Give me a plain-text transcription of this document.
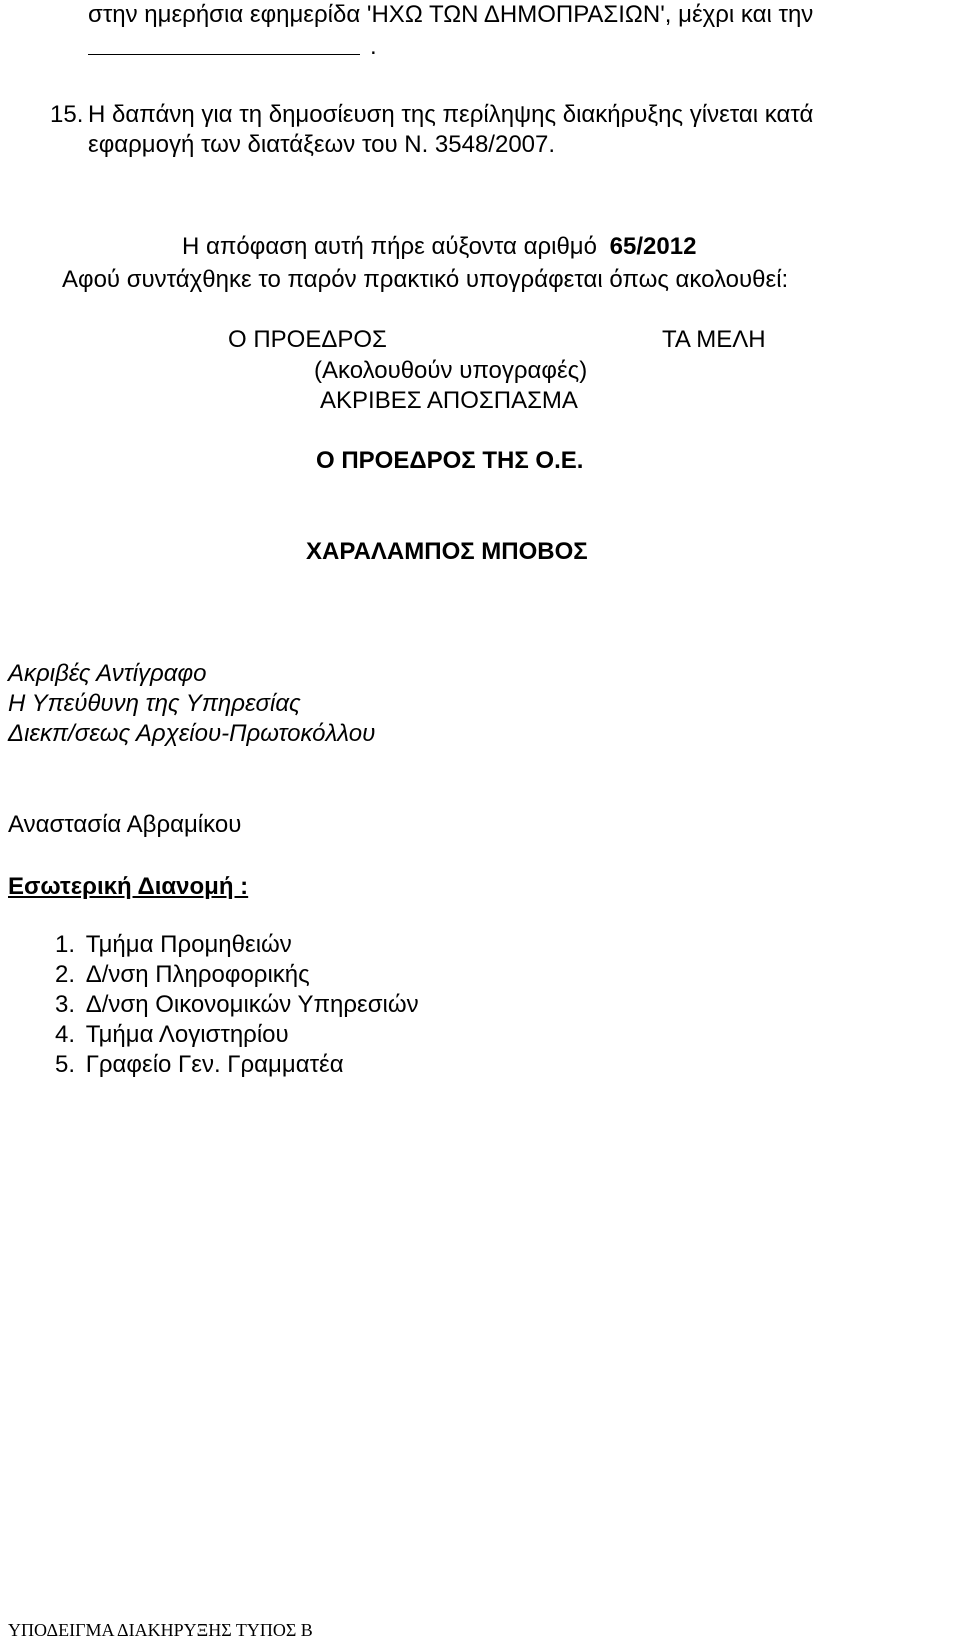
στην ημερήσια εφημερίδα 'ΗΧΩ ΤΩΝ ΔΗΜΟΠΡΑΣΙΩΝ', μέχρι και την
.
15. Η δαπάνη για τη δημοσίευση της περίληψης διακήρυξης γίνεται κατά
εφαρμογή των διατάξεων του Ν. 3548/2007.
Η απόφαση αυτή πήρε αύξοντα αριθμό 65/2012
Αφού συντάχθηκε το παρόν πρακτικό υπογράφεται όπως ακολουθεί:
Ο ΠΡΟΕΔΡΟΣ	ΤΑ ΜΕΛΗ
(Ακολουθούν υπογραφές)
ΑΚΡΙΒΕΣ ΑΠΟΣΠΑΣΜΑ
Ο ΠΡΟΕΔΡΟΣ ΤΗΣ Ο.Ε.
ΧΑΡΑΛΑΜΠΟΣ ΜΠΟΒΟΣ
Ακριβές Αντίγραφο
Η Υπεύθυνη της Υπηρεσίας
Διεκπ/σεως Αρχείου-Πρωτοκόλλου
Αναστασία Αβραμίκου
Εσωτερική Διανομή :
1. Τμήμα Προμηθειών
2. Δ/νση Πληροφορικής
3. Δ/νση Οικονομικών Υπηρεσιών
4. Τμήμα Λογιστηρίου
5. Γραφείο Γεν. Γραμματέα
ΥΠΟΔΕΙΓΜΑ ΔΙΑΚΗΡΥΞΗΣ ΤΥΠΟΣ Β
